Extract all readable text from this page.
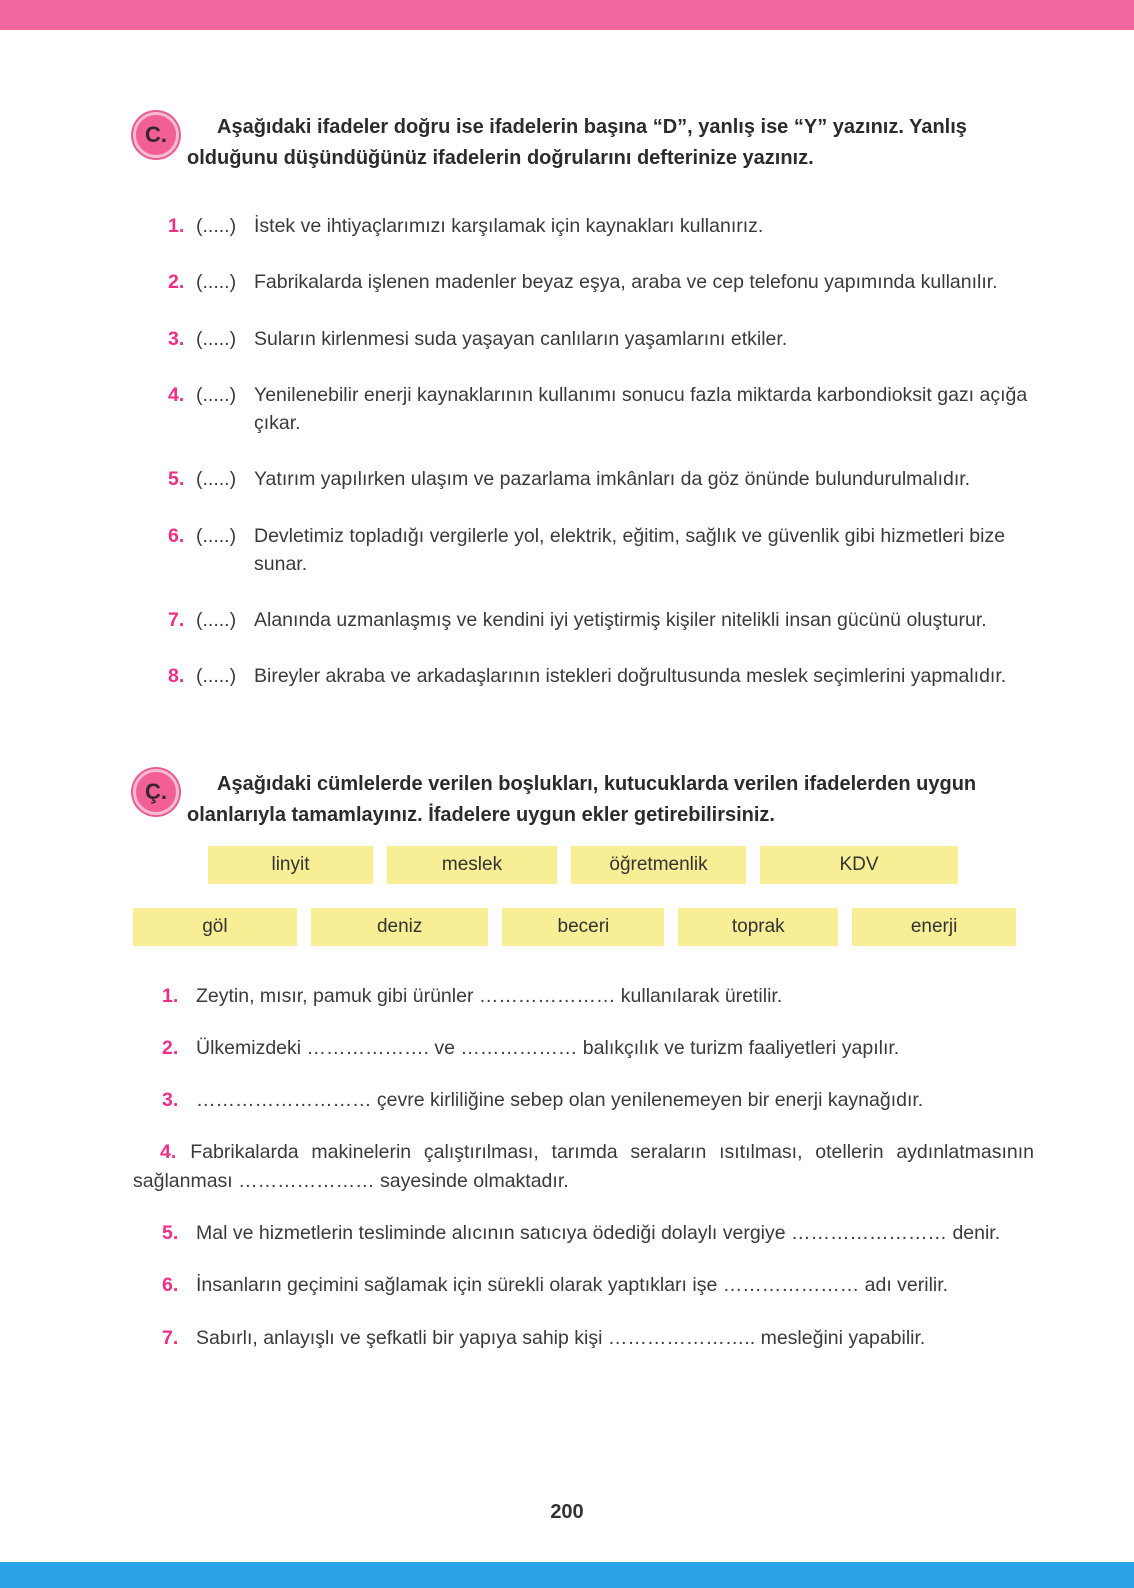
C.	Aşağıdaki ifadeler doğru ise ifadelerin başına “D”, yanlış ise “Y” yazınız. Yanlış olduğunu düşündüğünüz ifadelerin doğrularını defterinize yazınız.
1. (.....) İstek ve ihtiyaçlarımızı karşılamak için kaynakları kullanırız.
2. (.....) Fabrikalarda işlenen madenler beyaz eşya, araba ve cep telefonu yapımında kullanılır.
3. (.....) Suların kirlenmesi suda yaşayan canlıların yaşamlarını etkiler.
4. (.....) Yenilenebilir enerji kaynaklarının kullanımı sonucu fazla miktarda karbondioksit gazı açığa çıkar.
5. (.....) Yatırım yapılırken ulaşım ve pazarlama imkânları da göz önünde bulundurulmalıdır.
6. (.....) Devletimiz topladığı vergilerle yol, elektrik, eğitim, sağlık ve güvenlik gibi hizmetleri bize sunar.
7. (.....) Alanında uzmanlaşmış ve kendini iyi yetiştirmiş kişiler nitelikli insan gücünü oluşturur.
8. (.....) Bireyler akraba ve arkadaşlarının istekleri doğrultusunda meslek seçimlerini yapmalıdır.
Ç.	Aşağıdaki cümlelerde verilen boşlukları, kutucuklarda verilen ifadelerden uygun olanlarıyla tamamlayınız. İfadelere uygun ekler getirebilirsiniz.
linyit	meslek	öğretmenlik	KDV
göl	deniz	beceri	toprak	enerji
1. Zeytin, mısır, pamuk gibi ürünler ………………… kullanılarak üretilir.
2. Ülkemizdeki ………………. ve ……………… balıkçılık ve turizm faaliyetleri yapılır.
3. ……………………… çevre kirliliğine sebep olan yenilenemeyen bir enerji kaynağıdır.

4. Fabrikalarda makinelerin çalıştırılması, tarımda seraların ısıtılması, otellerin aydınlatmasının sağlanması ………………… sayesinde olmaktadır.

5. Mal ve hizmetlerin tesliminde alıcının satıcıya ödediği dolaylı vergiye …………………… denir.
6. İnsanların geçimini sağlamak için sürekli olarak yaptıkları işe ………………… adı verilir.
7. Sabırlı, anlayışlı ve şefkatli bir yapıya sahip kişi ………………….. mesleğini yapabilir.
200
